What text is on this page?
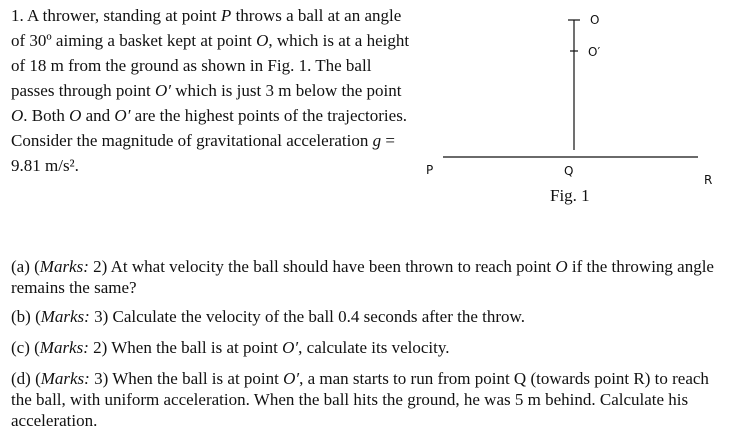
1. A thrower, standing at point P throws a ball at an angle of 30º aiming a basket kept at point O, which is at a height of 18 m from the ground as shown in Fig. 1. The ball passes through point O′ which is just 3 m below the point O. Both O and O′ are the highest points of the trajectories. Consider the magnitude of gravitational acceleration g = 9.81 m/s².

O
O′
P	Q
R
Fig. 1

(a) (Marks: 2) At what velocity the ball should have been thrown to reach point O if the throwing angle remains the same?

(b) (Marks: 3) Calculate the velocity of the ball 0.4 seconds after the throw.

(c) (Marks: 2) When the ball is at point O′, calculate its velocity.

(d) (Marks: 3) When the ball is at point O′, a man starts to run from point Q (towards point R) to reach the ball, with uniform acceleration. When the ball hits the ground, he was 5 m behind. Calculate his acceleration.
